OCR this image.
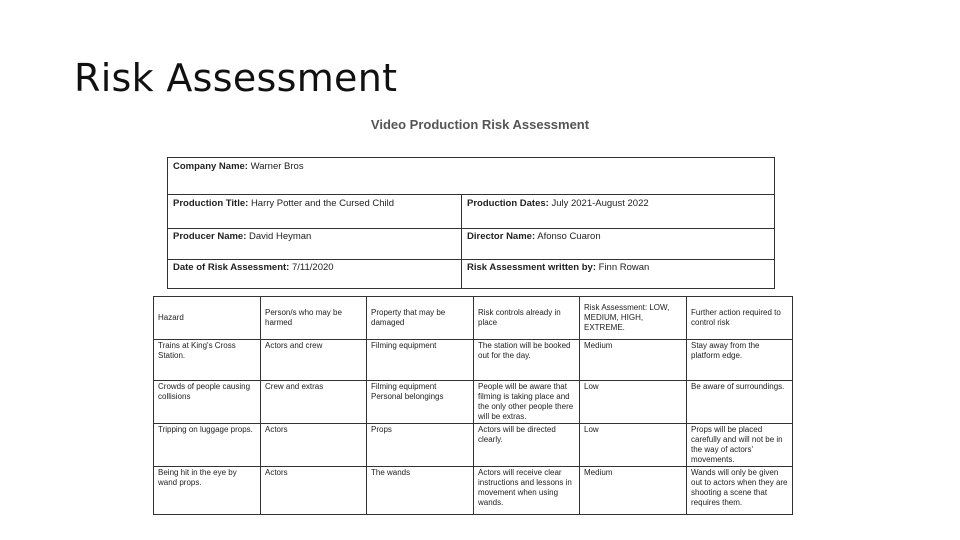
Risk Assessment
Video Production Risk Assessment
Company Name: Warner Bros	
Production Title: Harry Potter and the Cursed Child	Production Dates: July 2021-August 2022
Producer Name: David Heyman	Director Name: Afonso Cuaron
Date of Risk Assessment: 7/11/2020	Risk Assessment written by: Finn Rowan
Hazard	Person/s who may be harmed	Property that may be damaged	Risk controls already in place	Risk Assessment: LOW, MEDIUM, HIGH, EXTREME.	Further action required to control risk
Trains at King's Cross Station.	Actors and crew	Filming equipment	The station will be booked out for the day.	Medium	Stay away from the platform edge.
Crowds of people causing collisions	Crew and extras	Filming equipment Personal belongings	People will be aware that filming is taking place and the only other people there will be extras.	Low	Be aware of surroundings.
Tripping on luggage props.	Actors	Props	Actors will be directed clearly.	Low	Props will be placed carefully and will not be in the way of actors' movements.
Being hit in the eye by wand props.	Actors	The wands	Actors will receive clear instructions and lessons in movement when using wands.	Medium	Wands will only be given out to actors when they are shooting a scene that requires them.
